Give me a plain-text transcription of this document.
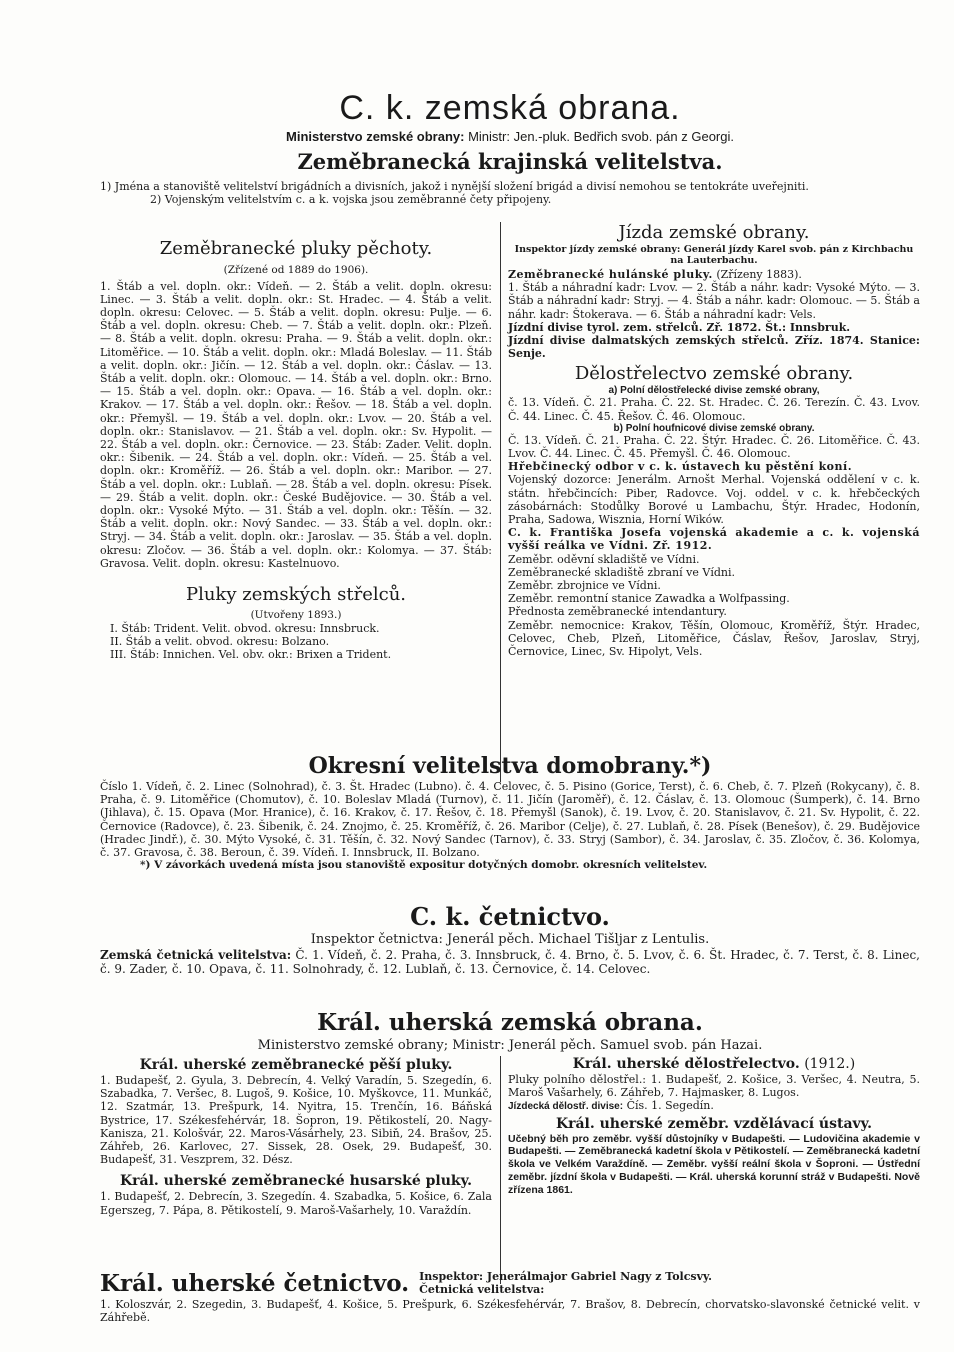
C. k. zemská obrana.

Ministerstvo zemské obrany: Ministr: Jen.-pluk. Bedřich svob. pán z Georgi.

Zeměbranecká krajinská velitelstva.

1) Jména a stanoviště velitelství brigádních a divisních, jakož i nynější složení brigád a divisí nemohou se tentokráte uveřejniti.

2) Vojenským velitelstvím c. a k. vojska jsou zeměbranné čety připojeny.

Zeměbranecké pluky pěchoty.

(Zřízené od 1889 do 1906).

1. Štáb a vel. dopln. okr.: Vídeň. — 2. Štáb a velit. dopln. okresu: Linec. — 3. Štáb a velit. dopln. okr.: St. Hradec. — 4. Štáb a velit. dopln. okresu: Celovec. — 5. Štáb a velit. dopln. okresu: Pulje. — 6. Štáb a vel. dopln. okresu: Cheb. — 7. Štáb a velit. dopln. okr.: Plzeň. — 8. Štáb a velit. dopln. okresu: Praha. — 9. Štáb a velit. dopln. okr.: Litoměřice. — 10. Štáb a velit. dopln. okr.: Mladá Boleslav. — 11. Štáb a velit. dopln. okr.: Jičín. — 12. Štáb a vel. dopln. okr.: Čáslav. — 13. Štáb a velit. dopln. okr.: Olomouc. — 14. Štáb a vel. dopln. okr.: Brno. — 15. Štáb a vel. dopln. okr.: Opava. — 16. Štáb a vel. dopln. okr.: Krakov. — 17. Štáb a vel. dopln. okr.: Řešov. — 18. Štáb a vel. dopln. okr.: Přemyšl. — 19. Štáb a vel. dopln. okr.: Lvov. — 20. Štáb a vel. dopln. okr.: Stanislavov. — 21. Štáb a vel. dopln. okr.: Sv. Hypolit. — 22. Štáb a vel. dopln. okr.: Černovice. — 23. Štáb: Zader. Velit. dopln. okr.: Šibenik. — 24. Štáb a vel. dopln. okr.: Vídeň. — 25. Štáb a vel. dopln. okr.: Kroměříž. — 26. Štáb a vel. dopln. okr.: Maribor. — 27. Štáb a vel. dopln. okr.: Lublaň. — 28. Štáb a vel. dopln. okresu: Písek. — 29. Štáb a velit. dopln. okr.: České Budějovice. — 30. Štáb a vel. dopln. okr.: Vysoké Mýto. — 31. Štáb a vel. dopln. okr.: Těšín. — 32. Štáb a velit. dopln. okr.: Nový Sandec. — 33. Štáb a vel. dopln. okr.: Stryj. — 34. Štáb a velit. dopln. okr.: Jaroslav. — 35. Štáb a vel. dopln. okresu: Zločov. — 36. Štáb a vel. dopln. okr.: Kolomya. — 37. Štáb: Gravosa. Velit. dopln. okresu: Kastelnuovo.

Pluky zemských střelců.

(Utvořeny 1893.)

I. Štáb: Trident. Velit. obvod. okresu: Innsbruck.

II. Štáb a velit. obvod. okresu: Bolzano.

III. Štáb: Innichen. Vel. obv. okr.: Brixen a Trident.

Jízda zemské obrany.

Inspektor jízdy zemské obrany: Generál jízdy Karel svob. pán z Kirchbachu na Lauterbachu.

Zeměbranecké hulánské pluky. (Zřízeny 1883).

1. Štáb a náhradní kadr: Lvov. — 2. Štáb a náhr. kadr: Vysoké Mýto. — 3. Štáb a náhradní kadr: Stryj. — 4. Štáb a náhr. kadr: Olomouc. — 5. Štáb a náhr. kadr: Štokerava. — 6. Štáb a náhradní kadr: Vels.

Jízdní divise tyrol. zem. střelců. Zř. 1872. Št.: Innsbruk.

Jízdní divise dalmatských zemských střelců. Zříz. 1874. Stanice: Senje.

Dělostřelectvo zemské obrany.

a) Polní dělostřelecké divise zemské obrany,

č. 13. Vídeň. Č. 21. Praha. Č. 22. St. Hradec. Č. 26. Terezín. Č. 43. Lvov. Č. 44. Linec. Č. 45. Řešov. Č. 46. Olomouc.

b) Polní houfnicové divise zemské obrany.

Č. 13. Vídeň. Č. 21. Praha. Č. 22. Štýr. Hradec. Č. 26. Litoměřice. Č. 43. Lvov. Č. 44. Linec. Č. 45. Přemyšl. Č. 46. Olomouc.

Hřebčinecký odbor v c. k. ústavech ku pěstění koní.

Vojenský dozorce: Jenerálm. Arnošt Merhal. Vojenská oddělení v c. k. státn. hřebčincích: Piber, Radovce. Voj. oddel. v c. k. hřebčeckých zásobárnách: Stodůlky Borové u Lambachu, Štýr. Hradec, Hodonín, Praha, Sadowa, Wisznia, Horní Wików.

C. k. Františka Josefa vojenská akademie a c. k. vojenská vyšší reálka ve Vídni. Zř. 1912.

Zeměbr. oděvní skladiště ve Vídni.

Zeměbranecké skladiště zbraní ve Vídni.

Zeměbr. zbrojnice ve Vídni.

Zeměbr. remontní stanice Zawadka a Wolfpassing.

Přednosta zeměbranecké intendantury.

Zeměbr. nemocnice: Krakov, Těšín, Olomouc, Kroměříž, Štýr. Hradec, Celovec, Cheb, Plzeň, Litoměřice, Čáslav, Řešov, Jaroslav, Stryj, Černovice, Linec, Sv. Hipolyt, Vels.

Okresní velitelstva domobrany.*)

Číslo 1. Vídeň, č. 2. Linec (Solnohrad), č. 3. Št. Hradec (Lubno). č. 4. Celovec, č. 5. Pisino (Gorice, Terst), č. 6. Cheb, č. 7. Plzeň (Rokycany), č. 8. Praha, č. 9. Litoměřice (Chomutov), č. 10. Boleslav Mladá (Turnov), č. 11. Jičín (Jaroměř), č. 12. Čáslav, č. 13. Olomouc (Šumperk), č. 14. Brno (Jihlava), č. 15. Opava (Mor. Hranice), č. 16. Krakov, č. 17. Řešov, č. 18. Přemyšl (Sanok), č. 19. Lvov, č. 20. Stanislavov, č. 21. Sv. Hypolit, č. 22. Černovice (Radovce), č. 23. Šibenik, č. 24. Znojmo, č. 25. Kroměříž, č. 26. Maribor (Celje), č. 27. Lublaň, č. 28. Písek (Benešov), č. 29. Budějovice (Hradec Jindř.), č. 30. Mýto Vysoké, č. 31. Těšín, č. 32. Nový Sandec (Tarnov), č. 33. Stryj (Sambor), č. 34. Jaroslav, č. 35. Zločov, č. 36. Kolomya, č. 37. Gravosa, č. 38. Beroun, č. 39. Vídeň. I. Innsbruck, II. Bolzano.

*) V závorkách uvedená místa jsou stanoviště expositur dotyčných domobr. okresních velitelstev.

C. k. četnictvo.

Inspektor četnictva: Jenerál pěch. Michael Tišljar z Lentulis.

Zemská četnická velitelstva: Č. 1. Vídeň, č. 2. Praha, č. 3. Innsbruck, č. 4. Brno, č. 5. Lvov, č. 6. Št. Hradec, č. 7. Terst, č. 8. Linec, č. 9. Zader, č. 10. Opava, č. 11. Solnohrady, č. 12. Lublaň, č. 13. Černovice, č. 14. Celovec.

Král. uherská zemská obrana.

Ministerstvo zemské obrany; Ministr: Jenerál pěch. Samuel svob. pán Hazai.

Král. uherské zeměbranecké pěší pluky.

1. Budapešť, 2. Gyula, 3. Debrecín, 4. Velký Varadín, 5. Szegedín, 6. Szabadka, 7. Veršec, 8. Lugoš, 9. Košice, 10. Myškovce, 11. Munkáč, 12. Szatmár, 13. Prešpurk, 14. Nyitra, 15. Trenčín, 16. Báňská Bystrice, 17. Székesfehérvár, 18. Šopron, 19. Pětikostelí, 20. Nagy-Kanisza, 21. Kološvár, 22. Maros-Vásárhely, 23. Sibiň, 24. Brašov, 25. Záhřeb, 26. Karlovec, 27. Sissek, 28. Osek, 29. Budapešť, 30. Budapešť, 31. Veszprem, 32. Dész.

Král. uherské zeměbranecké husarské pluky.

1. Budapešť, 2. Debrecín, 3. Szegedín. 4. Szabadka, 5. Košice, 6. Zala Egerszeg, 7. Pápa, 8. Pětikostelí, 9. Maroš-Vašarhely, 10. Varaždín.

Král. uherské dělostřelectvo. (1912.)

Pluky polního dělostřel.: 1. Budapešť, 2. Košice, 3. Veršec, 4. Neutra, 5. Maroš Vašarhely, 6. Záhřeb, 7. Hajmasker, 8. Lugos.

Jízdecká dělostř. divise: Čís. 1. Segedín.

Král. uherské zeměbr. vzdělávací ústavy.

Učebný běh pro zeměbr. vyšší důstojníky v Budapešti. — Ludovičina akademie v Budapešti. — Zeměbranecká kadetní škola v Pětikostelí. — Zeměbranecká kadetní škola ve Velkém Varaždíně. — Zeměbr. vyšší reální škola v Šoproni. — Ústřední zeměbr. jízdní škola v Budapešti. — Král. uherská korunní stráž v Budapešti. Nově zřízena 1861.

Král. uherské četnictvo. Inspektor: Jenerálmajor Gabriel Nagy z Tolcsvy.

Četnická velitelstva:

1. Koloszvár, 2. Szegedin, 3. Budapešť, 4. Košice, 5. Prešpurk, 6. Székesfehérvár, 7. Brašov, 8. Debrecín, chorvatsko-slavonské četnické velit. v Záhřebě.
